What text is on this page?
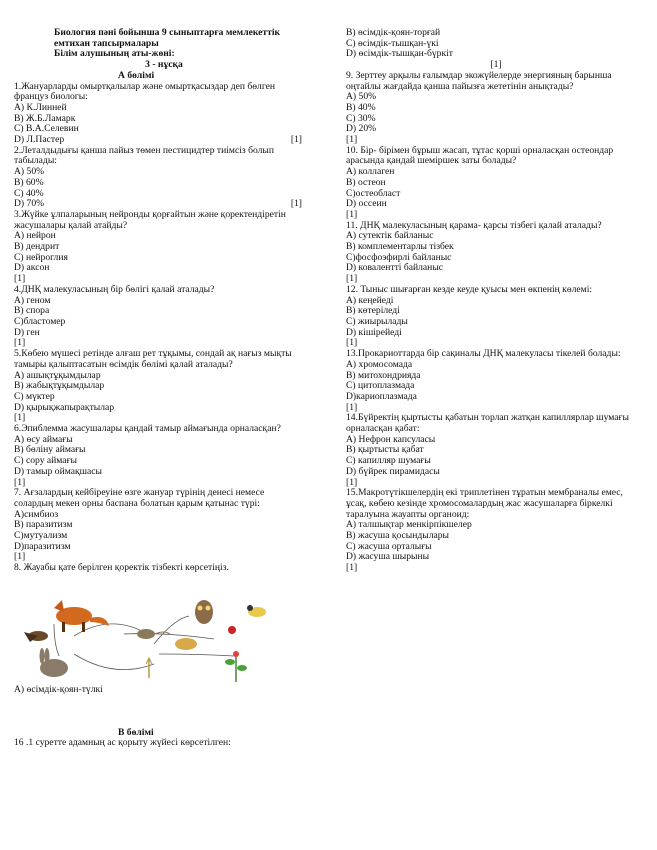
Биология пәні бойынша 9 сыныптарға мемлекеттік
емтихан тапсырмалары
Білім алушының аты-жөні:
3 - нұсқа
А бөлімі
1.Жануарларды омыртқалылар және омыртқасыздар деп бөлген
француз биологы:
А) К.Линней
В) Ж.Б.Ламарк
С) В.А.Селевин
D) Л.Пастер	[1]
2.Леталдыдығы қанша пайыз төмен пестицидтер тиімсіз болып
табылады:
А) 50%
В) 60%
С) 40%
D) 70%	[1]
3.Жүйке ұлпаларының нейронды қорғайтын және қоректендіретін
жасушалары қалай атайды?
А) нейрон
В) дендрит
С) нейроглия
D) аксон
[1]
4.ДНҚ малекуласының бір бөлігі қалай аталады?
А) геном
В) спора
С)бластомер
D) ген
[1]
5.Көбею мүшесі ретінде алғаш рет тұқымы, сондай ақ нағыз мықты
тамыры қалыптасатын өсімдік бөлімі қалай аталады?
А) ашықтұқымдылар
В) жабықтұқымдылар
С) мүктер
D) қырықжапырақтылар
[1]
6.Эпиблемма жасушалары қандай тамыр аймағында орналасқан?
А) өсу аймағы
В) бөліну аймағы
С) сору аймағы
D) тамыр оймақшасы
[1]
7. Ағзалардың кейбіреуіне өзге жануар түрінің денесі немесе
солардың мекен орны баспана болатын қарым қатынас түрі:
А)симбиоз
В) паразитизм
С)мутуализм
D)паразитизм
[1]
8. Жауабы қате берілген қоректік тізбекті көрсетіңіз.
А) өсімдік-қоян-түлкі
В бөлімі
16 .1 суретте адамның ас қорыту жүйесі көрсетілген:
В) өсімдік-қоян-торғай
С) өсімдік-тышқан-үкі
D) өсімдік-тышқан-бүркіт
[1]
9. Зерттеу арқылы ғалымдар экожүйелерде энергияның барынша
оңтайлы жағдайда қанша пайызға жететінін анықтады?
А) 50%
В) 40%
С) 30%
D) 20%
[1]
10. Бір- бірімен бұрыш жасап, тұтас қорші орналасқан остеондар
арасында қандай шеміршек заты болады?
А) коллаген
В) остеон
С)остеобласт
D) оссеин
[1]
11. ДНҚ малекуласының қарама- қарсы тізбегі қалай аталады?
А) сутектік байланыс
В) комплементарлы тізбек
С)фосфоэфирлі байланыс
D) ковалентті байланыс
[1]
12. Тыныс шығарған кезде кеуде қуысы мен өкпенің көлемі:
А) кеңейеді
В) көтеріледі
С) жиырылады
D) кішірейеді
[1]
13.Прокариоттарда бір сақиналы ДНҚ малекуласы тікелей болады:
А) хромосомада
В) митохондрияда
С) цитоплазмада
D)кариоплазмада
[1]
14.Бүйректің қыртысты қабатын торлап жатқан капиллярлар шумағы
орналасқан қабат:
А) Нефрон капсуласы
В) қыртысты қабат
С) капилляр шумағы
D) бүйрек пирамидасы
[1]
15.Макротүтікшелердің екі триплетінен тұратын мембраналы емес,
ұсақ, көбею кезінде хромосомалардың жас жасушаларға біркелкі
таралуына жауапты органоид:
А) талшықтар менкірпікшелер
В) жасуша қосындылары
С) жасуша орталығы
D) жасуша шырыны
[1]
